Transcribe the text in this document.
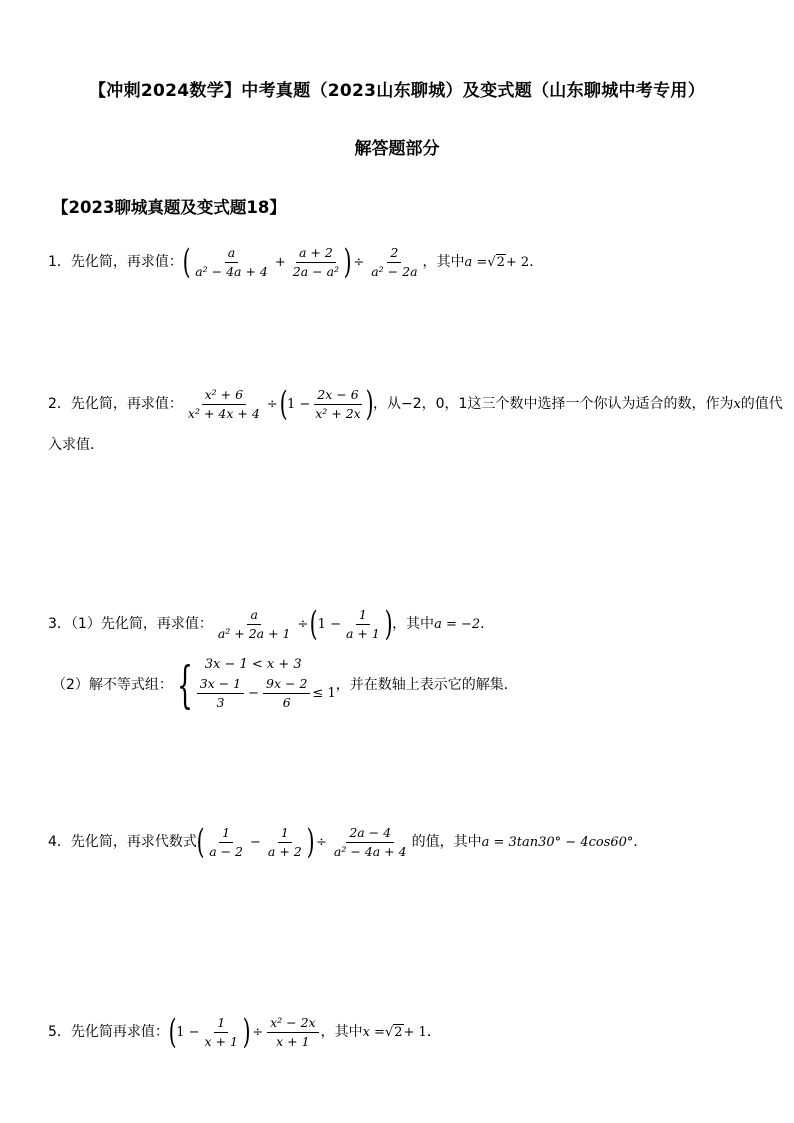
【冲刺2024数学】中考真题（2023山东聊城）及变式题（山东聊城中考专用）
解答题部分
【2023聊城真题及变式题18】
1．先化简，再求值： ( $\frac{a}{\text{a² − 4a + 4}} + \frac{a + 2}{\text{2a − a²}}$ ) ÷ $\frac{2}{\text{a² − 2a}}$ ，其中 a = √2 + 2 ．
2．先化简，再求值： $\frac{\text{x² + 6}}{\text{x² + 4x + 4}}$ ÷ ( $1 - \frac{2x - 6}{\text{x² + 2x}}$ ) ，从−2，0，1这三个数中选择一个你认为适合的数，作为 x 的值代
入求值．
3．（1）先化简，再求值： $\frac{a}{\text{a² + 2a + 1}}$ ÷ ( $1 - \frac{1}{a + 1}$ ) ，其中 a = −2 ．
（2）解不等式组： { 3x − 1 < x + 3
$\frac{3x - 1}{3} - \frac{9x - 2}{6} \le 1$
，并在数轴上表示它的解集．
4．先化简，再求代数式 ( $\frac{1}{a - 2} - \frac{1}{a + 2}$ ) ÷ $\frac{2a - 4}{\text{a² − 4a + 4}}$ 的值，其中 a = 3tan30° − 4cos60° ．
5．先化简再求值： ( $1 - \frac{1}{x + 1}$ ) ÷ $\frac{\text{x² − 2x}}{x + 1}$ ，其中 x = √2 + 1 ．
